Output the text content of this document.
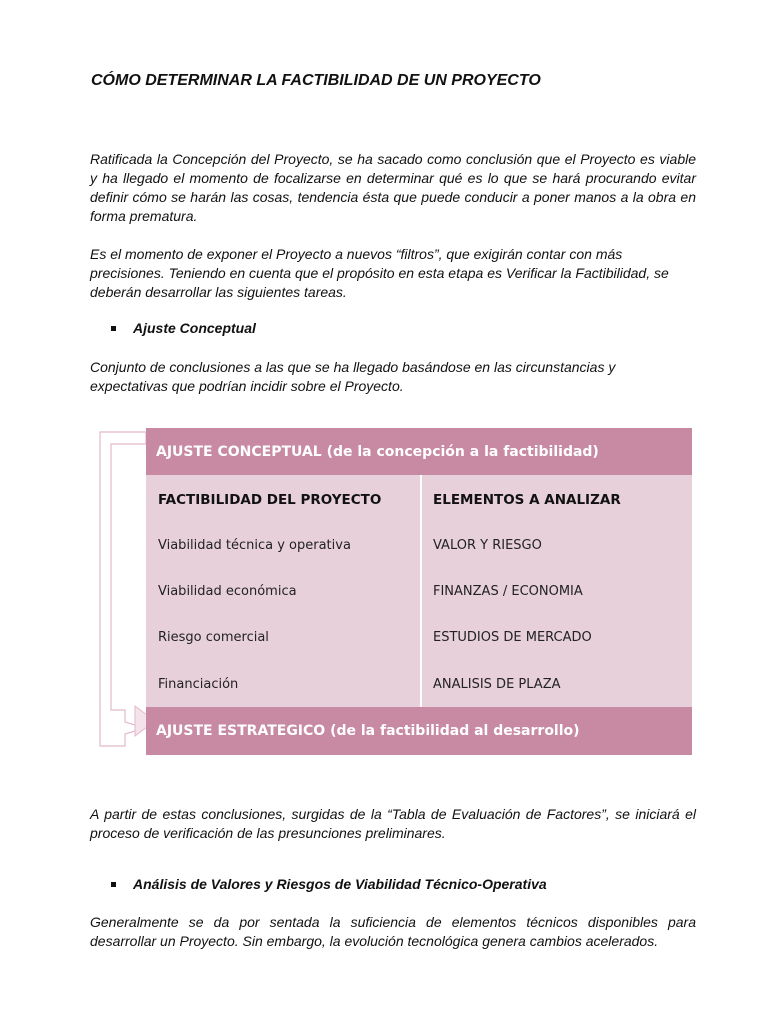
CÓMO DETERMINAR LA FACTIBILIDAD DE UN PROYECTO

Ratificada la Concepción del Proyecto, se ha sacado como conclusión que el Proyecto es viable y ha llegado el momento de focalizarse en determinar qué es lo que se hará procurando evitar definir cómo se harán las cosas, tendencia ésta que puede conducir a poner manos a la obra en forma prematura.

Es el momento de exponer el Proyecto a nuevos “filtros”, que exigirán contar con más precisiones. Teniendo en cuenta que el propósito en esta etapa es Verificar la Factibilidad, se deberán desarrollar las siguientes tareas.

Ajuste Conceptual

Conjunto de conclusiones a las que se ha llegado basándose en las circunstancias y expectativas que podrían incidir sobre el Proyecto.

AJUSTE CONCEPTUAL (de la concepción a la factibilidad)
FACTIBILIDAD DEL PROYECTO	ELEMENTOS A ANALIZAR
Viabilidad técnica y operativa
Viabilidad económica
Riesgo comercial
Financiación
VALOR Y RIESGO
FINANZAS / ECONOMIA
ESTUDIOS DE MERCADO
ANALISIS DE PLAZA
AJUSTE ESTRATEGICO (de la factibilidad al desarrollo)

A partir de estas conclusiones, surgidas de la “Tabla de Evaluación de Factores”, se iniciará el proceso de verificación de las presunciones preliminares.

Análisis de Valores y Riesgos de Viabilidad Técnico-Operativa

Generalmente se da por sentada la suficiencia de elementos técnicos disponibles para desarrollar un Proyecto. Sin embargo, la evolución tecnológica genera cambios acelerados.
